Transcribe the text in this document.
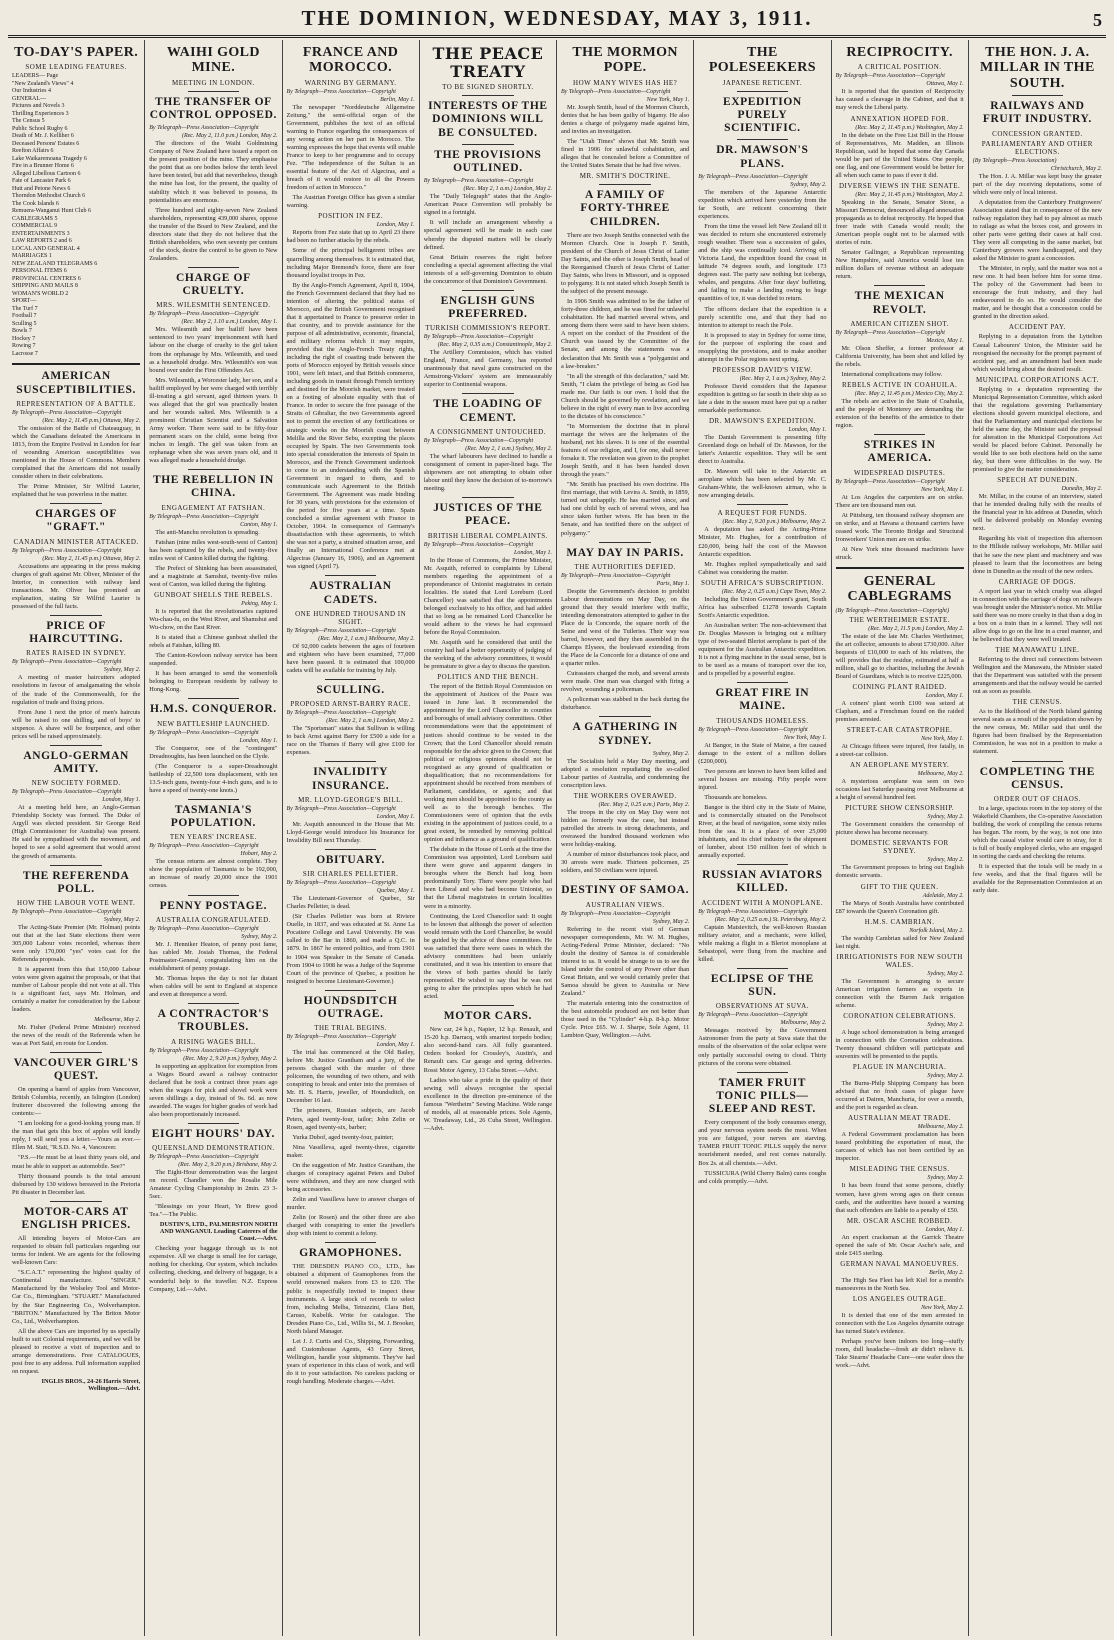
THE DOMINION, WEDNESDAY, MAY 3, 1911.	5
TO-DAY'S PAPER.
SOME LEADING FEATURES.
LEADERS— Page
"New Zealand's Views" 4
Our Industries 4
GENERAL—
Pictures and Novels 3
Thrilling Experiences 3
The Census 5
Public School Rugby 6
Death of Mr. J. Kelliher 6
Deceased Persons' Estates 6
Reefton Affairs 6
Lake Waikaremoana Tragedy 6
Fire in a Brunner Home 6
Alleged Libellous Cartoon 6
Fate of Lancaster Park 6
Hutt and Petone News 6
Thorndon Methodist Church 6
The Cook Islands 6
Remuera-Wanganui Hunt Club 6
CABLEGRAMS 5
COMMERCIAL 9
ENTERTAINMENTS 3
LAW REPORTS 2 and 6
LOCAL AND GENERAL 4
MARRIAGES 1
NEW ZEALAND TELEGRAMS 6
PERSONAL ITEMS 6
PROVINCIAL CENTRES 6
SHIPPING AND MAILS 8
WOMAN'S WORLD 2
SPORT—
The Turf 7
Football 7
Sculling 5
Bowls 7
Hockey 7
Rowing 7
Lacrosse 7
AMERICAN SUSCEPTIBILITIES.
REPRESENTATION OF A BATTLE.
By Telegraph—Press Association—Copyright
(Rec. May 2, 11.45 p.m.) Ottawa, May 2.
The omission of the Battle of Chateauguay, in which the Canadians defeated the Americans in 1813, from the Empire Festival in London for fear of wounding American susceptibilities was mentioned in the House of Commons. Members complained that the Americans did not usually consider others in their celebrations.
The Prime Minister, Sir Wilfrid Laurier, explained that he was powerless in the matter.
CHARGES OF "GRAFT."
CANADIAN MINISTER ATTACKED.
By Telegraph—Press Association—Copyright
(Rec. May 2, 11.45 p.m.) Ottawa, May 2.
Accusations are appearing in the press making charges of graft against Mr. Oliver, Minister of the Interior, in connection with railway land transactions. Mr. Oliver has promised an explanation, stating Sir Wilfrid Laurier is possessed of the full facts.
PRICE OF HAIRCUTTING.
RATES RAISED IN SYDNEY.
By Telegraph—Press Association—Copyright
Sydney, May 2.
A meeting of master haircutters adopted resolutions in favour of amalgamating the whole of the trade of the Commonwealth, for the regulation of trade and fixing prices.
From June 1 next the price of men's haircuts will be raised to one shilling, and of boys' to sixpence. A shave will be fourpence, and other prices will be raised approximately.
ANGLO-GERMAN AMITY.
NEW SOCIETY FORMED.
By Telegraph—Press Association—Copyright
London, May 1.
At a meeting held here, an Anglo-German Friendship Society was formed. The Duke of Argyll was elected president. Sir George Reid (High Commissioner for Australia) was present. He said he sympathised with the movement, and hoped to see a solid agreement that would arrest the growth of armaments.
THE REFERENDA POLL.
HOW THE LABOUR VOTE WENT.
By Telegraph—Press Association—Copyright
Sydney, May 2.
The Acting-State Premier (Mr. Holman) points out that at the last State elections there were 305,000 Labour votes recorded, whereas there were only 170,000 "yes" votes cast for the Referenda proposals.
It is apparent from this that 150,000 Labour votes were given against the proposals, or that that number of Labour people did not vote at all. This is a significant fact, says Mr. Holman, and certainly a matter for consideration by the Labour leaders.
Melbourne, May 2.
Mr. Fisher (Federal Prime Minister) received the news of the result of the Referenda when he was at Port Said, en route for London.
VANCOUVER GIRL'S QUEST.
On opening a barrel of apples from Vancouver, British Columbia, recently, an Islington (London) fruiterer discovered the following among the contents:—
"I am looking for a good-looking young man. If the man that gets this box of apples will kindly reply, I will send you a letter.—Yours as ever.—Ellen M. Stait, "R.S.D. No. 4, Vancouver.
"P.S.—He must be at least thirty years old, and must be able to support as automobile. See?"
Thirty thousand pounds is the total amount disbursed by 130 widows bereaved in the Pretoria Pit disaster in December last.
MOTOR-CARS AT ENGLISH PRICES.
All intending buyers of Motor-Cars are requested to obtain full particulars regarding our terms for indent. We are agents for the following well-known Cars:
"S.C.A.T." representing the highest quality of Continental manufacture. "SINGER." Manufactured by the Wolseley Tool and Motor-Car Co., Birmingham. "STUART." Manufactured by the Star Engineering Co., Wolverhampton. "BRITON." Manufactured by The Briton Motor Co., Ltd., Wolverhampton.
All the above Cars are imported by us specially built to suit Colonial requirements, and we will be pleased to receive a visit of inspection and to arrange demonstrations. Free CATALOGUES, post free to any address. Full information supplied on request.
INGLIS BROS., 24-26 Harris Street, Wellington.—Advt.
WAIHI GOLD MINE.
MEETING IN LONDON.
THE TRANSFER OF CONTROL OPPOSED.
By Telegraph—Press Association—Copyright
(Rec. May 2, 11.0 p.m.) London, May 2.
The directors of the Waihi Goldmining Company of New Zealand have issued a report on the present position of the mine. They emphasise the point that as ore bodies below the tenth level have been tested, but add that nevertheless, though the mine has lost, for the present, the quality of stability which it was believed to possess, its potentialities are enormous.
Three hundred and eighty-seven New Zealand shareholders, representing 439,000 shares, oppose the transfer of the Board to New Zealand, and the directors state that they do not believe that the British shareholders, who own seventy per centum of the stock, desire the control to be given to New Zealanders.
CHARGE OF CRUELTY.
MRS. WILESMITH SENTENCED.
By Telegraph—Press Association—Copyright
(Rec. May 2, 1.10 a.m.) London, May 1.
Mrs. Wilesmith and her bailiff have been sentenced to two years' imprisonment with hard labour on the charge of cruelty to the girl taken from the orphanage by Mrs. Wilesmith, and used as a household drudge. Mrs. Wilesmith's son was bound over under the First Offenders Act.
Mrs. Wilesmith, a Worcester lady, her son, and a bailiff employed by her were charged with terribly ill-treating a girl servant, aged thirteen years. It was alleged that the girl was practically beaten and her wounds salted. Mrs. Wilesmith is a prominent Christian Scientist and a Salvation Army worker. There were said to be fifty-four permanent scars on the child, some being five inches in length. The girl was taken from an orphanage when she was seven years old, and it was alleged made a household drudge.
THE REBELLION IN CHINA.
ENGAGEMENT AT FATSHAN.
By Telegraph—Press Association—Copyright
Canton, May 1.
The anti-Manchu revolution is spreading.
Fatshan (nine miles west-south-west of Canton) has been captured by the rebels, and twenty-five miles west of Canton killed during the fighting.
The Prefect of Shinking has been assassinated, and a magistrate at Samshui, twenty-five miles west of Canton, was killed during the fighting.
GUNBOAT SHELLS THE REBELS.
Peking, May 1.
It is reported that the revolutionaries captured Wu-chau-fu, on the West River, and Shamshui and Wu-chow, on the East River.
It is stated that a Chinese gunboat shelled the rebels at Fatshan, killing 80.
The Canton-Kowloon railway service has been suspended.
It has been arranged to send the womenfolk belonging to European residents by railway to Hong-Kong.
H.M.S. CONQUEROR.
NEW BATTLESHIP LAUNCHED.
By Telegraph—Press Association—Copyright
London, May 1.
The Conqueror, one of the "contingent" Dreadnoughts, has been launched on the Clyde.
(The Conqueror is a super-Dreadnought battleship of 22,500 tons displacement, with ten 13.5-inch guns, twenty-four 4-inch guns, and is to have a speed of twenty-one knots.)
TASMANIA'S POPULATION.
TEN YEARS' INCREASE.
By Telegraph—Press Association—Copyright
Hobart, May 2.
The census returns are almost complete. They show the population of Tasmania to be 192,000, an increase of nearly 20,000 since the 1901 census.
PENNY POSTAGE.
AUSTRALIA CONGRATULATED.
By Telegraph—Press Association—Copyright
Sydney, May 2.
Mr. J. Henniker Heaton, of penny post fame, has cabled Mr. Josiah Thomas, the Federal Postmaster-General, congratulating him on the establishment of penny postage.
Mr. Thomas hopes the day is not far distant when cables will be sent to England at sixpence and even at threepence a word.
A CONTRACTOR'S TROUBLES.
A RISING WAGES BILL.
By Telegraph—Press Association—Copyright
(Rec. May 2, 9.20 p.m.) Sydney, May 2.
In supporting an application for exemption from a Wages Board award a railway contractor declared that he took a contract three years ago when the wages for pick and shovel work were seven shillings a day, instead of 9s. 6d. as now awarded. The wages for higher grades of work had also been proportionately increased.
EIGHT HOURS' DAY.
QUEENSLAND DEMONSTRATION.
By Telegraph—Press Association—Copyright
(Rec. May 2, 9.20 p.m.) Brisbane, May 2.
The Eight-Hour demonstration was the largest on record. Chandler won the Rosalie Mile Amateur Cycling Championship in 2min. 23 3-5sec.
"Blessings on your Heart, Ye Brew good Tea."—The Public.
DUSTIN'S, LTD., PALMERSTON NORTH AND WANGANUI. Leading Caterers of the Coast.—Advt.
Checking your baggage through us is not expensive. All we charge is small fee for cartage, nothing for checking. Our system, which includes collecting, checking, and delivery of baggage, is a wonderful help to the traveller. N.Z. Express Company, Ltd.—Advt.
FRANCE AND MOROCCO.
WARNING BY GERMANY.
By Telegraph—Press Association—Copyright
Berlin, May 1.
The newspaper "Norddeutsche Allgemeine Zeitung," the semi-official organ of the Government, publishes the text of an official warning to France regarding the consequences of any wrong action on her part in Morocco. The warning expresses the hope that events will enable France to keep to her programme and to occupy Fez. "The independence of the Sultan is an essential feature of the Act of Algeciras, and a breach of it would restore to all the Powers freedom of action in Morocco."
The Austrian Foreign Office has given a similar warning.
POSITION IN FEZ.
London, May 1.
Reports from Fez state that up to April 23 there had been no further attacks by the rebels.
Some of the principal belligerent tribes are quarrelling among themselves. It is estimated that, including Major Bremond's force, there are four thousand loyalist troops in Fez.
By the Anglo-French Agreement, April 8, 1904, the French Government declared that they had no intention of altering the political status of Morocco, and the British Government recognised that it appertained to France to preserve order in that country, and to provide assistance for the purpose of all administrative, economic, financial, and military reforms which it may require, provided that the Anglo-French Treaty rights, including the right of coasting trade between the ports of Morocco enjoyed by British vessels since 1901, were left intact, and that British commerce, including goods in transit through French territory and destined for the Moorish market, were treated on a footing of absolute equality with that of France. In order to secure the free passage of the Straits of Gibraltar, the two Governments agreed not to permit the erection of any fortifications or strategic works on the Moorish coast between Melilla and the River Sebu, excepting the places occupied by Spain. The two Governments took into special consideration the interests of Spain in Morocco, and the French Government undertook to come to an understanding with the Spanish Government in regard to them, and to communicate such Agreement to the British Government. The Agreement was made binding for 30 years, with provisions for the extension of the period for five years at a time. Spain concluded a similar agreement with France in October, 1904. In consequence of Germany's dissatisfaction with these agreements, to which she was not a party, a strained situation arose, and finally an International Conference met at Algeciras (January 16, 1906), and an Agreement was signed (April 7).
AUSTRALIAN CADETS.
ONE HUNDRED THOUSAND IN SIGHT.
By Telegraph—Press Association—Copyright
(Rec. May 2, 1 a.m.) Melbourne, May 2.
Of 92,000 cadets between the ages of fourteen and eighteen who have been examined, 77,000 have been passed. It is estimated that 100,000 cadets will be available for training by July.
SCULLING.
PROPOSED ARNST-BARRY RACE.
By Telegraph—Press Association—Copyright
(Rec. May 2, 1 a.m.) London, May 2.
The "Sportsman" states that Sullivan is willing to back Arnst against Barry for £500 a side for a race on the Thames if Barry will give £100 for expenses.
INVALIDITY INSURANCE.
MR. LLOYD-GEORGE'S BILL.
By Telegraph—Press Association—Copyright
London, May 1.
Mr. Asquith announced in the House that Mr. Lloyd-George would introduce his Insurance for Invalidity Bill next Thursday.
OBITUARY.
SIR CHARLES PELLETIER.
By Telegraph—Press Association—Copyright
Quebec, May 1.
The Lieutenant-Governor of Quebec, Sir Charles Pelletier, is dead.
(Sir Charles Pelletier was born at Riviere Ouelle, in 1837, and was educated at St. Anne La Pocatiere College and Laval University. He was called to the Bar in 1860, and made a Q.C. in 1879. In 1867 he entered politics, and from 1901 to 1904 was Speaker in the Senate of Canada. From 1904 to 1908 he was a Judge of the Supreme Court of the province of Quebec, a position he resigned to become Lieutenant-Governor.)
HOUNDSDITCH OUTRAGE.
THE TRIAL BEGINS.
By Telegraph—Press Association—Copyright
London, May 1.
The trial has commenced at the Old Bailey, before Mr. Justice Grantham and a jury, of the persons charged with the murder of three policemen, the wounding of two others, and with conspiring to break and enter into the premises of Mr. H. S. Harris, jeweller, of Houndsditch, on December 16 last.
The prisoners, Russian subjects, are Jacob Peters, aged twenty-four, tailor; John Zelin or Rosen, aged twenty-six, barber;
Yurka Dubof, aged twenty-four, painter;
Nina Vassilleva, aged twenty-three, cigarette maker.
On the suggestion of Mr. Justice Grantham, the charges of conspiracy against Peters and Dubof were withdrawn, and they are now charged with being accessories.
Zelin and Vassilleva have to answer charges of murder.
Zelin (or Rosen) and the other three are also charged with conspiring to enter the jeweller's shop with intent to commit a felony.
GRAMOPHONES.
THE DRESDEN PIANO CO., LTD., has obtained a shipment of Gramophones from the world renowned makers from £3 to £20. The public is respectfully invited to inspect these instruments. A large stock of records to select from, including Melba, Tetrazzini, Clara Butt, Caruso, Kubelik. Write for catalogue. The Dresden Piano Co., Ltd., Willis St., M. J. Brooker, North Island Manager.
Let J. J. Curtis and Co., Shipping, Forwarding, and Customhouse Agents, 43 Grey Street, Wellington, handle your shipments. They've had years of experience in this class of work, and will do it to your satisfaction. No careless packing or rough handling. Moderate charges.—Advt.
THE PEACE TREATY
TO BE SIGNED SHORTLY.
INTERESTS OF THE DOMINIONS WILL BE CONSULTED.
THE PROVISIONS OUTLINED.
By Telegraph—Press Association—Copyright
(Rec. May 2, 1 a.m.) London, May 2.
The "Daily Telegraph" states that the Anglo-American Peace Convention will probably be signed in a fortnight.
It will include an arrangement whereby a special agreement will be made in each case whereby the disputed matters will be clearly defined.
Great Britain reserves the right before concluding a special agreement affecting the vital interests of a self-governing Dominion to obtain the concurrence of that Dominion's Government.
ENGLISH GUNS PREFERRED.
TURKISH COMMISSION'S REPORT.
By Telegraph—Press Association—Copyright
(Rec. May 2, 0.35 a.m.) Constantinople, May 2.
The Artillery Commission, which has visited England, France, and Germany, has reported unanimously that naval guns constructed on the Armstrong-Vickers' system are immeasurably superior to Continental weapons.
THE LOADING OF CEMENT.
A CONSIGNMENT UNTOUCHED.
By Telegraph—Press Association—Copyright
(Rec. May 2, 1 a.m.) Sydney, May 2.
The wharf labourers have declined to handle a consignment of cement in paper-lined bags. The shipowners are not attempting to obtain other labour until they know the decision of to-morrow's meeting.
JUSTICES OF THE PEACE.
BRITISH LIBERAL COMPLAINTS.
By Telegraph—Press Association—Copyright
London, May 1.
In the House of Commons, the Prime Minister, Mr. Asquith, referred to complaints by Liberal members regarding the appointment of a preponderance of Unionist magistrates in certain localities. He stated that Lord Loreburn (Lord Chancellor) was satisfied that the appointments belonged exclusively to his office, and had added that so long as he remained Lord Chancellor he would adhere to the views he had expressed before the Royal Commission.
Mr. Asquith said he considered that until the country had had a better opportunity of judging of the working of the advisory committees, it would be premature to give a day to discuss the question.
POLITICS AND THE BENCH.
The report of the British Royal Commission on the appointment of Justices of the Peace was issued in June last. It recommended the appointment by the Lord Chancellor in counties and boroughs of small advisory committees. Other recommendations were that the appointment of justices should continue to be vested in the Crown; that the Lord Chancellor should remain responsible for the advice given to the Crown; that political or religious opinions should not be recognised as any ground of qualification or disqualification; that no recommendations for appointment should be received from members of Parliament, candidates, or agents; and that working men should be appointed to the county as well as to the borough benches. The Commissioners were of opinion that the evils existing in the appointment of justices could, to a great extent, be remedied by removing political opinion and influence as a ground of qualification.
The debate in the House of Lords at the time the Commission was appointed, Lord Loreburn said there were grave and apparent dangers in boroughs where the Bench had long been predominantly Tory. There were people who had been Liberal and who had become Unionist, so that the Liberal magistrates in certain localities were in a minority.
Continuing, the Lord Chancellor said: It ought to be known that although the power of selection would remain with the Lord Chancellor, he would be guided by the advice of these committees. He was satisfied that there were cases in which the advisory committees had been unfairly constituted, and it was his intention to ensure that the views of both parties should be fairly represented. He wished to say that he was not going to alter the principles upon which he had acted.
MOTOR CARS.
New car, 24 h.p., Napier, 12 h.p. Renault, and 15-20 h.p. Darracq, with smartest torpedo bodies; also second-hand cars. All fully guaranteed. Orders booked for Crossley's, Austin's, and Renault cars. Car garage and spring deliveries. Rossi Motor Agency, 13 Cuba Street.—Advt.
Ladies who take a pride in the quality of their sewing will always recognise the special excellence in the direction pre-eminence of the famous "Wertheim" Sewing Machine. Wide range of models, all at reasonable prices. Sole Agents, W. Treadaway, Ltd., 26 Cuba Street, Wellington.—Advt.
THE MORMON POPE.
HOW MANY WIVES HAS HE?
By Telegraph—Press Association—Copyright
New York, May 1.
Mr. Joseph Smith, head of the Mormon Church, denies that he has been guilty of bigamy. He also denies a charge of polygamy made against him, and invites an investigation.
The "Utah Times" shows that Mr. Smith was fined in 1906 for unlawful cohabitation, and alleges that he concealed before a Committee of the United States Senate that he had five wives.
MR. SMITH'S DOCTRINE.
A FAMILY OF FORTY-THREE CHILDREN.
There are two Joseph Smiths connected with the Mormon Church. One is Joseph F. Smith, president of the Church of Jesus Christ of Latter Day Saints, and the other is Joseph Smith, head of the Reorganised Church of Jesus Christ of Latter Day Saints, who lives in Missouri, and is opposed to polygamy. It is not stated which Joseph Smith is the subject of the present message.
In 1906 Smith was admitted to be the father of forty-three children, and he was fined for unlawful cohabitation. He had married several wives, and among them there were said to have been sisters. A report on the conduct of the President of the Church was issued by the Committee of the Senate, and among the statements was a declaration that Mr. Smith was a "polygamist and a law-breaker."
"In all the strength of this declaration," said Mr. Smith, "I claim the privilege of being as God has made me. Our faith is our own. I hold that the Church should be governed by revelation, and we believe in the right of every man to live according to the dictates of his conscience."
"In Mormonism the doctrine that in plural marriage the wives are the helpmates of the husband, not his slaves. It is one of the essential features of our religion, and I, for one, shall never forsake it. The revelation was given to the prophet Joseph Smith, and it has been handed down through the years."
"Mr. Smith has practised his own doctrine. His first marriage, that with Levira A. Smith, in 1859, turned out unhappily. He has married since, and had one child by each of several wives, and has since taken further wives. He has been in the Senate, and has testified there on the subject of polygamy."
MAY DAY IN PARIS.
THE AUTHORITIES DEFIED.
By Telegraph—Press Association—Copyright
Paris, May 1.
Despite the Government's decision to prohibit Labour demonstrations on May Day, on the ground that they would interfere with traffic, intending demonstrators attempted to gather in the Place de la Concorde, the square north of the Seine and west of the Tuileries. Their way was barred, however, and they then assembled in the Champs Elysees, the boulevard extending from the Place de la Concorde for a distance of one and a quarter miles.
Cuirassiers charged the mob, and several arrests were made. One man was charged with firing a revolver, wounding a policeman.
A policeman was stabbed in the back during the disturbance.
A GATHERING IN SYDNEY.
Sydney, May 2.
The Socialists held a May Day meeting, and adopted a resolution repudiating the so-called Labour parties of Australia, and condemning the conscription laws.
THE WORKERS OVERAWED.
(Rec. May 2, 0.25 a.m.) Paris, May 2.
The troops in the city on May Day were not hidden as formerly was the case, but instead patrolled the streets in strong detachments, and overawed the hundred thousand workmen who were holiday-making.
A number of minor disturbances took place, and 30 arrests were made. Thirteen policemen, 25 soldiers, and 50 civilians were injured.
DESTINY OF SAMOA.
AUSTRALIAN VIEWS.
By Telegraph—Press Association—Copyright
Sydney, May 2.
Referring to the recent visit of German newspaper correspondents, Mr. W. M. Hughes, Acting-Federal Prime Minister, declared: "No doubt the destiny of Samoa is of considerable interest to us. It would be strange to us to see the Island under the control of any Power other than Great Britain, and we would certainly prefer that Samoa should be given to Australia or New Zealand."
The materials entering into the construction of the best automobile produced are not better than those used in the "Cylinder" 4-h.p. 8-h.p. Motor Cycle. Price £65. W. J. Sharpe, Sole Agent, 11 Lambton Quay, Wellington.—Advt.
THE POLESEEKERS
JAPANESE RETICENT.
EXPEDITION PURELY SCIENTIFIC.
DR. MAWSON'S PLANS.
By Telegraph—Press Association—Copyright
Sydney, May 2.
The members of the Japanese Antarctic expedition which arrived here yesterday from the far South, are reticent concerning their experiences.
From the time the vessel left New Zealand till it was decided to return she encountered extremely rough weather. There was a succession of gales, and the ship was continually iced. Arriving off Victoria Land, the expedition found the coast in latitude 74 degrees south, and longitude 173 degrees east. The party saw nothing but icebergs, whales, and penguins. After four days' buffeting, and failing to make a landing owing to huge quantities of ice, it was decided to return.
The officers declare that the expedition is a purely scientific one, and that they had no intention to attempt to reach the Pole.
It is proposed to stay in Sydney for some time, for the purpose of exploring the coast and resupplying the provisions, and to make another attempt in the Polar regions next spring.
PROFESSOR DAVID'S VIEW.
(Rec. May 2, 1 a.m.) Sydney, May 2.
Professor David considers that the Japanese expedition is getting so far south in their ship as so late a date in the season must have put up a rather remarkable performance.
DR. MAWSON'S EXPEDITION.
London, May 1.
The Danish Government is presenting fifty Greenland dogs on behalf of Dr. Mawson, for the latter's Antarctic expedition. They will be sent direct to Australia.
Dr. Mawson will take to the Antarctic an aeroplane which has been selected by Mr. C. Graham-White, the well-known airman, who is now arranging details.
A REQUEST FOR FUNDS.
(Rec. May 2, 9.20 p.m.) Melbourne, May 2.
A deputation has asked the Acting-Prime Minister, Mr. Hughes, for a contribution of £20,000, being half the cost of the Mawson Antarctic expedition.
Mr. Hughes replied sympathetically and said Cabinet was considering the matter.
SOUTH AFRICA'S SUBSCRIPTION.
(Rec. May 2, 0.25 a.m.) Cape Town, May 2.
Including the Union Government's grant, South Africa has subscribed £1278 towards Captain Scott's Antarctic expedition.
An Australian writer: The non-achievement that Dr. Douglas Mawson is bringing out a military type of two-seated Bleriot aeroplane is part of the equipment for the Australian Antarctic expedition. It is not a flying machine in the usual sense, but is to be used as a means of transport over the ice, and is propelled by a powerful engine.
GREAT FIRE IN MAINE.
THOUSANDS HOMELESS.
By Telegraph—Press Association—Copyright
New York, May 1.
At Bangor, in the State of Maine, a fire caused damage to the extent of a million dollars (£200,000).
Two persons are known to have been killed and several houses are missing. Fifty people were injured.
Thousands are homeless.
Bangor is the third city in the State of Maine, and is commercially situated on the Penobscot River, at the head of navigation, some sixty miles from the sea. It is a place of over 25,000 inhabitants, and its chief industry is the shipment of lumber, about 150 million feet of which is annually exported.
RUSSIAN AVIATORS KILLED.
ACCIDENT WITH A MONOPLANE.
By Telegraph—Press Association—Copyright
(Rec. May 2, 0.25 a.m.) St. Petersburg, May 2.
Captain Matsievitch, the well-known Russian military aviator, and a mechanic, were killed, while making a flight in a Bleriot monoplane at Sebastopol, were flung from the machine and killed.
ECLIPSE OF THE SUN.
OBSERVATIONS AT SUVA.
By Telegraph—Press Association—Copyright
Melbourne, May 2.
Messages received by the Government Astronomer from the party at Suva state that the results of the observation of the solar eclipse were only partially successful owing to cloud. Thirty pictures of the corona were obtained.
TAMER FRUIT TONIC PILLS—SLEEP AND REST.
Every component of the body consumes energy, and your nervous system needs the most. When you are fatigued, your nerves are starving. TAMER FRUIT TONIC PILLS supply the nerve nourishment needed, and rest comes naturally. Box 2s. at all chemists.—Advt.
TUSSICURA (Wild Cherry Balm) cures coughs and colds promptly.—Advt.
RECIPROCITY.
A CRITICAL POSITION.
By Telegraph—Press Association—Copyright
Ottawa, May 1.
It is reported that the question of Reciprocity has caused a cleavage in the Cabinet, and that it may wreck the Liberal party.
ANNEXATION HOPED FOR.
(Rec. May 2, 11.45 p.m.) Washington, May 2.
In the debate on the Free List Bill in the House of Representatives, Mr. Madden, an Illinois Republican, said he hoped that some day Canada would be part of the United States. One people, one flag, and one Government would be better for all when such came to pass if ever it did.
DIVERSE VIEWS IN THE SENATE.
(Rec. May 2, 11.45 p.m.) Washington, May 2.
Speaking in the Senate, Senator Stone, a Missouri Democrat, denounced alleged annexation propaganda as to defeat reciprocity. He hoped that freer trade with Canada would result; the American people ought not to be alarmed with stories of ruin.
Senator Gallinger, a Republican representing New Hampshire, said America would lose ten million dollars of revenue without an adequate return.
THE MEXICAN REVOLT.
AMERICAN CITIZEN SHOT.
By Telegraph—Press Association—Copyright
Mexico, May 1.
Mr. Olson Sheffer, a former professor at California University, has been shot and killed by the rebels.
International complications may follow.
REBELS ACTIVE IN COAHUILA.
(Rec. May 2, 11.45 p.m.) Mexico City, May 2.
The rebels are active in the State of Coahuila, and the people of Monterey are demanding the extension of the benefits of the armistice to their region.
STRIKES IN AMERICA.
WIDESPREAD DISPUTES.
By Telegraph—Press Association—Copyright
New York, May 1.
At Los Angeles the carpenters are on strike. There are ten thousand men out.
At Pittsburg, ten thousand railway shopmen are on strike, and at Havana a thousand carriers have ceased work. The Toronto Bridge and Structural Ironworkers' Union men are on strike.
At New York nine thousand machinists have struck.
GENERAL CABLEGRAMS
(By Telegraph—Press Association—Copyright)
THE WERTHEIMER ESTATE.
(Rec. May 2, 11.5 p.m.) London, May 2.
The estate of the late Mr. Charles Wertheimer, the art collector, amounts to about £730,000. After bequests of £10,000 to each of his relatives, the will provides that the residue, estimated at half a million, shall go to charities, including the Jewish Board of Guardians, which is to receive £225,000.
COINING PLANT RAIDED.
London, May 1.
A coiners' plant worth £100 was seized at Clapham, and a Frenchman found on the raided premises arrested.
STREET-CAR CATASTROPHE.
New York, May 1.
At Chicago fifteen were injured, five fatally, in a street-car collision.
AN AEROPLANE MYSTERY.
Melbourne, May 2.
A mysterious aeroplane was seen on two occasions last Saturday passing over Melbourne at a height of several hundred feet.
PICTURE SHOW CENSORSHIP.
Sydney, May 2.
The Government considers the censorship of picture shows has become necessary.
DOMESTIC SERVANTS FOR SYDNEY.
Sydney, May 2.
The Government proposes to bring out English domestic servants.
GIFT TO THE QUEEN.
Adelaide, May 2.
The Marys of South Australia have contributed £87 towards the Queen's Coronation gift.
H.M.S. CAMBRIAN.
Norfolk Island, May 2.
The warship Cambrian sailed for New Zealand last night.
IRRIGATIONISTS FOR NEW SOUTH WALES.
Sydney, May 2.
The Government is arranging to secure American irrigation farmers as experts in connection with the Burren Jack irrigation scheme.
CORONATION CELEBRATIONS.
Sydney, May 2.
A huge school demonstration is being arranged in connection with the Coronation celebrations. Twenty thousand children will participate and souvenirs will be presented to the pupils.
PLAGUE IN MANCHURIA.
Sydney, May 2.
The Burns-Philp Shipping Company has been advised that no fresh cases of plague have occurred at Dairen, Manchuria, for over a month, and the port is regarded as clean.
AUSTRALIAN MEAT TRADE.
Melbourne, May 2.
A Federal Government proclamation has been issued prohibiting the exportation of meat, the carcases of which has not been certified by an inspector.
MISLEADING THE CENSUS.
Sydney, May 2.
It has been found that some persons, chiefly women, have given wrong ages on their census cards, and the authorities have issued a warning that such offenders are liable to a penalty of £50.
MR. OSCAR ASCHE ROBBED.
London, May 1.
An expert cracksman at the Garrick Theatre opened the safe of Mr. Oscar Asche's safe, and stole £415 sterling.
GERMAN NAVAL MANOEUVRES.
Berlin, May 2.
The High Sea Fleet has left Kiel for a month's manoeuvres in the North Sea.
LOS ANGELES OUTRAGE.
New York, May 2.
It is denied that one of the men arrested in connection with the Los Angeles dynamite outrage has turned State's evidence.
Perhaps you've been indoors too long—stuffy room, dull headache—fresh air didn't relieve it. Take Stearns' Headache Cure—one wafer does the work.—Advt.
THE HON. J. A. MILLAR IN THE SOUTH.
RAILWAYS AND FRUIT INDUSTRY.
CONCESSION GRANTED.
PARLIAMENTARY AND OTHER ELECTIONS.
(By Telegraph—Press Association)
Christchurch, May 2.
The Hon. J. A. Millar was kept busy the greater part of the day receiving deputations, some of which were only of local interest.
A deputation from the Canterbury Fruitgrowers' Association stated that in consequence of the new railway regulation they had to pay almost as much to railage as what the boxes cost, and growers in other parts were getting their cases at half cost. They were all competing in the same market, but Canterbury growers were handicapped, and they asked the Minister to grant a concession.
The Minister, in reply, said the matter was not a new one. It had been before him for some time. The policy of the Government had been to encourage the fruit industry, and they had endeavoured to do so. He would consider the matter, and he thought that a concession could be granted in the direction asked.
ACCIDENT PAY.
Replying to a deputation from the Lyttelton Casual Labourers' Union, the Minister said he recognised the necessity for the prompt payment of accident pay, and an amendment had been made which would bring about the desired result.
MUNICIPAL CORPORATIONS ACT.
Replying to a deputation representing the Municipal Representation Committee, which asked that the regulations governing Parliamentary elections should govern municipal elections, and that the Parliamentary and municipal elections be held the same day, the Minister said the proposal for alteration in the Municipal Corporations Act would be placed before Cabinet. Personally he would like to see both elections held on the same day, but there were difficulties in the way. He promised to give the matter consideration.
SPEECH AT DUNEDIN.
Dunedin, May 2.
Mr. Millar, in the course of an interview, stated that he intended dealing fully with the results of the financial year in his address at Dunedin, which will be delivered probably on Monday evening next.
Regarding his visit of inspection this afternoon to the Hillside railway workshops, Mr. Millar said that he saw the new plant and machinery and was pleased to learn that the locomotives are being done in Dunedin as the result of the new orders.
CARRIAGE OF DOGS.
A report last year in which cruelty was alleged in connection with the carriage of dogs on railways was brought under the Minister's notice. Mr. Millar said there was no more cruelty in that than a dog in a box on a train than in a kennel. They will not allow dogs to go on the line in a cruel manner, and he believed that they were well treated.
THE MANAWATU LINE.
Referring to the direct rail connections between Wellington and the Manawatu, the Minister stated that the Department was satisfied with the present arrangements and that the railway would be carried out as soon as possible.
THE CENSUS.
As to the likelihood of the North Island gaining several seats as a result of the population shown by the new census, Mr. Millar said that until the figures had been finalised by the Representation Commission, he was not in a position to make a statement.
COMPLETING THE CENSUS.
ORDER OUT OF CHAOS.
In a large, spacious room in the top storey of the Wakefield Chambers, the Co-operative Association building, the work of compiling the census returns has begun. The room, by the way, is not one into which the casual visitor would care to stray, for it is full of busily employed clerks, who are engaged in sorting the cards and checking the returns.
It is expected that the totals will be ready in a few weeks, and that the final figures will be available for the Representation Commission at an early date.
